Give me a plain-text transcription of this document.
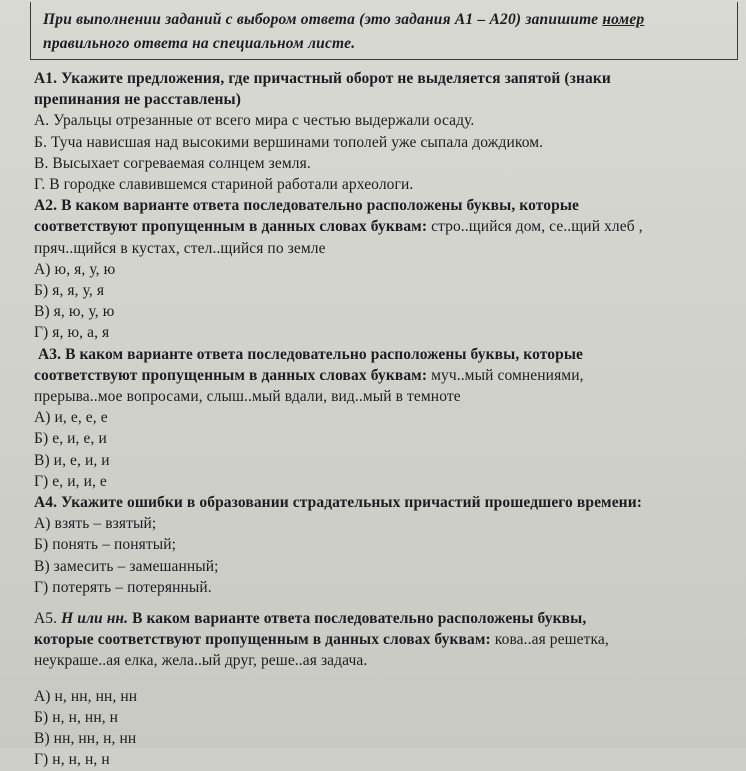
При выполнении заданий с выбором ответа (это задания А1 – А20) запишите номер
правильного ответа на специальном листе.
А1. Укажите предложения, где причастный оборот не выделяется запятой (знаки
препинания не расставлены)
А. Уральцы отрезанные от всего мира с честью выдержали осаду.
Б. Туча нависшая над высокими вершинами тополей уже сыпала дождиком.
В. Высыхает согреваемая солнцем земля.
Г. В городке славившемся стариной работали археологи.
А2. В каком варианте ответа последовательно расположены буквы, которые
соответствуют пропущенным в данных словах буквам: стро..щийся дом, се..щий хлеб ,
пряч..щийся в кустах, стел..щийся по земле
А) ю, я, у, ю
Б) я, я, у, я
В) я, ю, у, ю
Г) я, ю, а, я
А3. В каком варианте ответа последовательно расположены буквы, которые
соответствуют пропущенным в данных словах буквам: муч..мый сомнениями,
прерыва..мое вопросами, слыш..мый вдали, вид..мый в темноте
А) и, е, е, е
Б) е, и, е, и
В) и, е, и, и
Г) е, и, и, е
А4. Укажите ошибки в образовании страдательных причастий прошедшего времени:
А) взять – взятый;
Б) понять – понятый;
В) замесить – замешанный;
Г) потерять – потерянный.
А5. Н или нн. В каком варианте ответа последовательно расположены буквы,
которые соответствуют пропущенным в данных словах буквам: кова..ая решетка,
неукраше..ая елка, жела..ый друг, реше..ая задача.
А) н, нн, нн, нн
Б) н, н, нн, н
В) нн, нн, н, нн
Г) н, н, н, н
